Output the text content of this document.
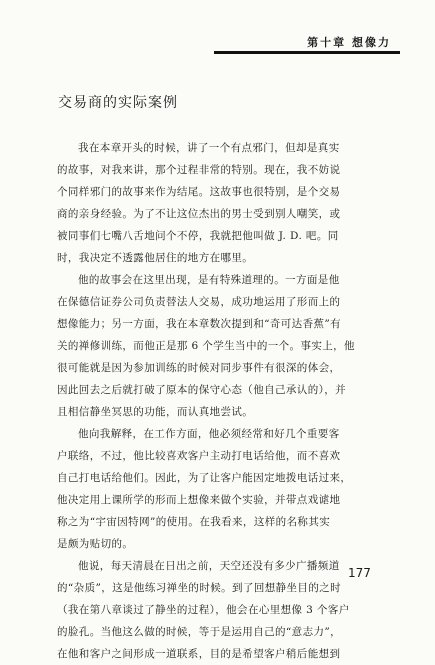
第十章 想像力
交易商的实际案例
我在本章开头的时候，讲了一个有点邪门，但却是真实
的故事，对我来讲，那个过程非常的特别。现在，我不妨说
个同样邪门的故事来作为结尾。这故事也很特别，是个交易
商的亲身经验。为了不让这位杰出的男士受到别人嘲笑，或
被同事们七嘴八舌地问个不停，我就把他叫做 J. D. 吧。同
时，我决定不透露他居住的地方在哪里。
他的故事会在这里出现，是有特殊道理的。一方面是他
在保德信证券公司负责替法人交易，成功地运用了形而上的
想像能力；另一方面，我在本章数次提到和“奇可达香蕉”有
关的禅修训练，而他正是那 6 个学生当中的一个。事实上，他
很可能就是因为参加训练的时候对同步事件有很深的体会，
因此回去之后就打破了原本的保守心态（他自己承认的），并
且相信静坐冥思的功能，而认真地尝试。
他向我解释，在工作方面，他必须经常和好几个重要客
户联络，不过，他比较喜欢客户主动打电话给他，而不喜欢
自己打电话给他们。因此，为了让客户能因定地拨电话过来，
他决定用上课所学的形而上想像来做个实验，并带点戏谑地
称之为“宇宙因特网”的使用。在我看来，这样的名称其实
是颇为贴切的。
他说，每天清晨在日出之前，天空还没有多少广播频道
的“杂质”，这是他练习禅坐的时候。到了回想静坐目的之时
（我在第八章谈过了静坐的过程），他会在心里想像 3 个客户
的脸孔。当他这么做的时候，等于是运用自己的“意志力”，
在他和客户之间形成一道联系，目的是希望客户稍后能想到
177
